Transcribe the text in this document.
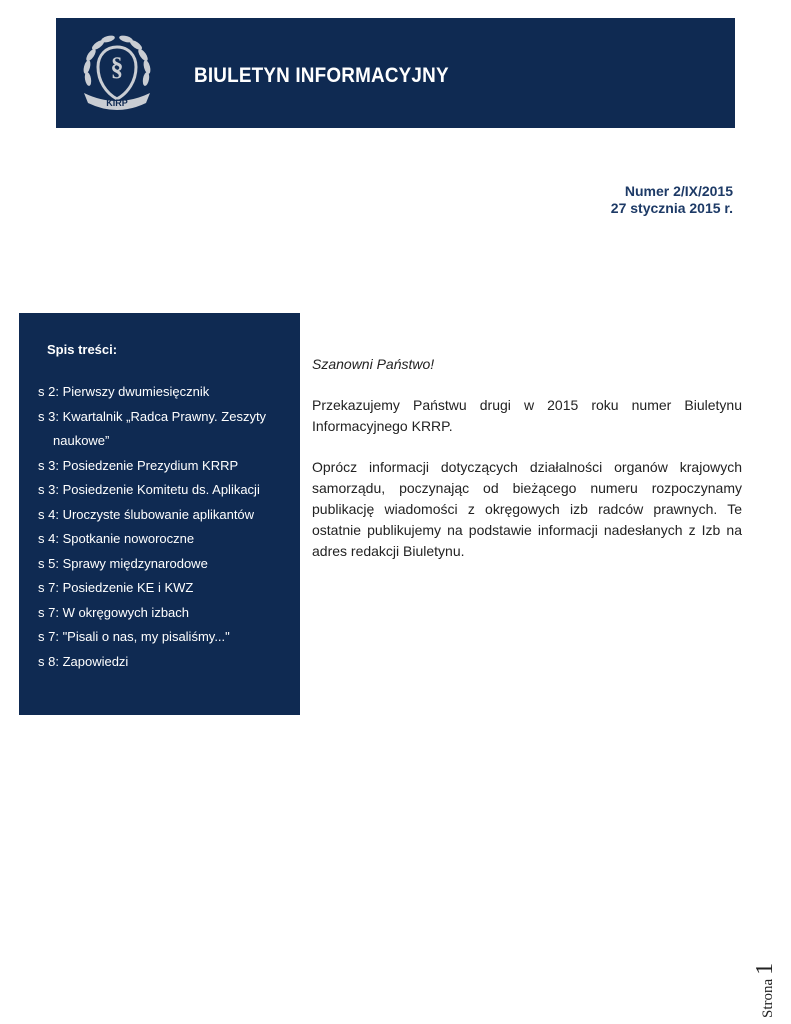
§
KIRP
BIULETYN INFORMACYJNY
Numer 2/IX/2015
27 stycznia 2015 r.
Spis treści:
s 2: Pierwszy dwumiesięcznik
s 3: Kwartalnik „Radca Prawny. Zeszyty
naukowe”
s 3: Posiedzenie Prezydium KRRP
s 3: Posiedzenie Komitetu ds. Aplikacji
s 4: Uroczyste ślubowanie aplikantów
s 4: Spotkanie noworoczne
s 5: Sprawy międzynarodowe
s 7: Posiedzenie KE i KWZ
s 7: W okręgowych izbach
s 7: "Pisali o nas, my pisaliśmy..."
s 8: Zapowiedzi

Szanowni Państwo!

Przekazujemy Państwu drugi w 2015 roku numer Biuletynu Informacyjnego KRRP.

Oprócz informacji dotyczących działalności organów krajowych samorządu, poczynając od bieżącego numeru rozpoczynamy publikację wiadomości z okręgowych izb radców prawnych. Te ostatnie publikujemy na podstawie informacji nadesłanych z Izb na adres redakcji Biuletynu.

Strona1
